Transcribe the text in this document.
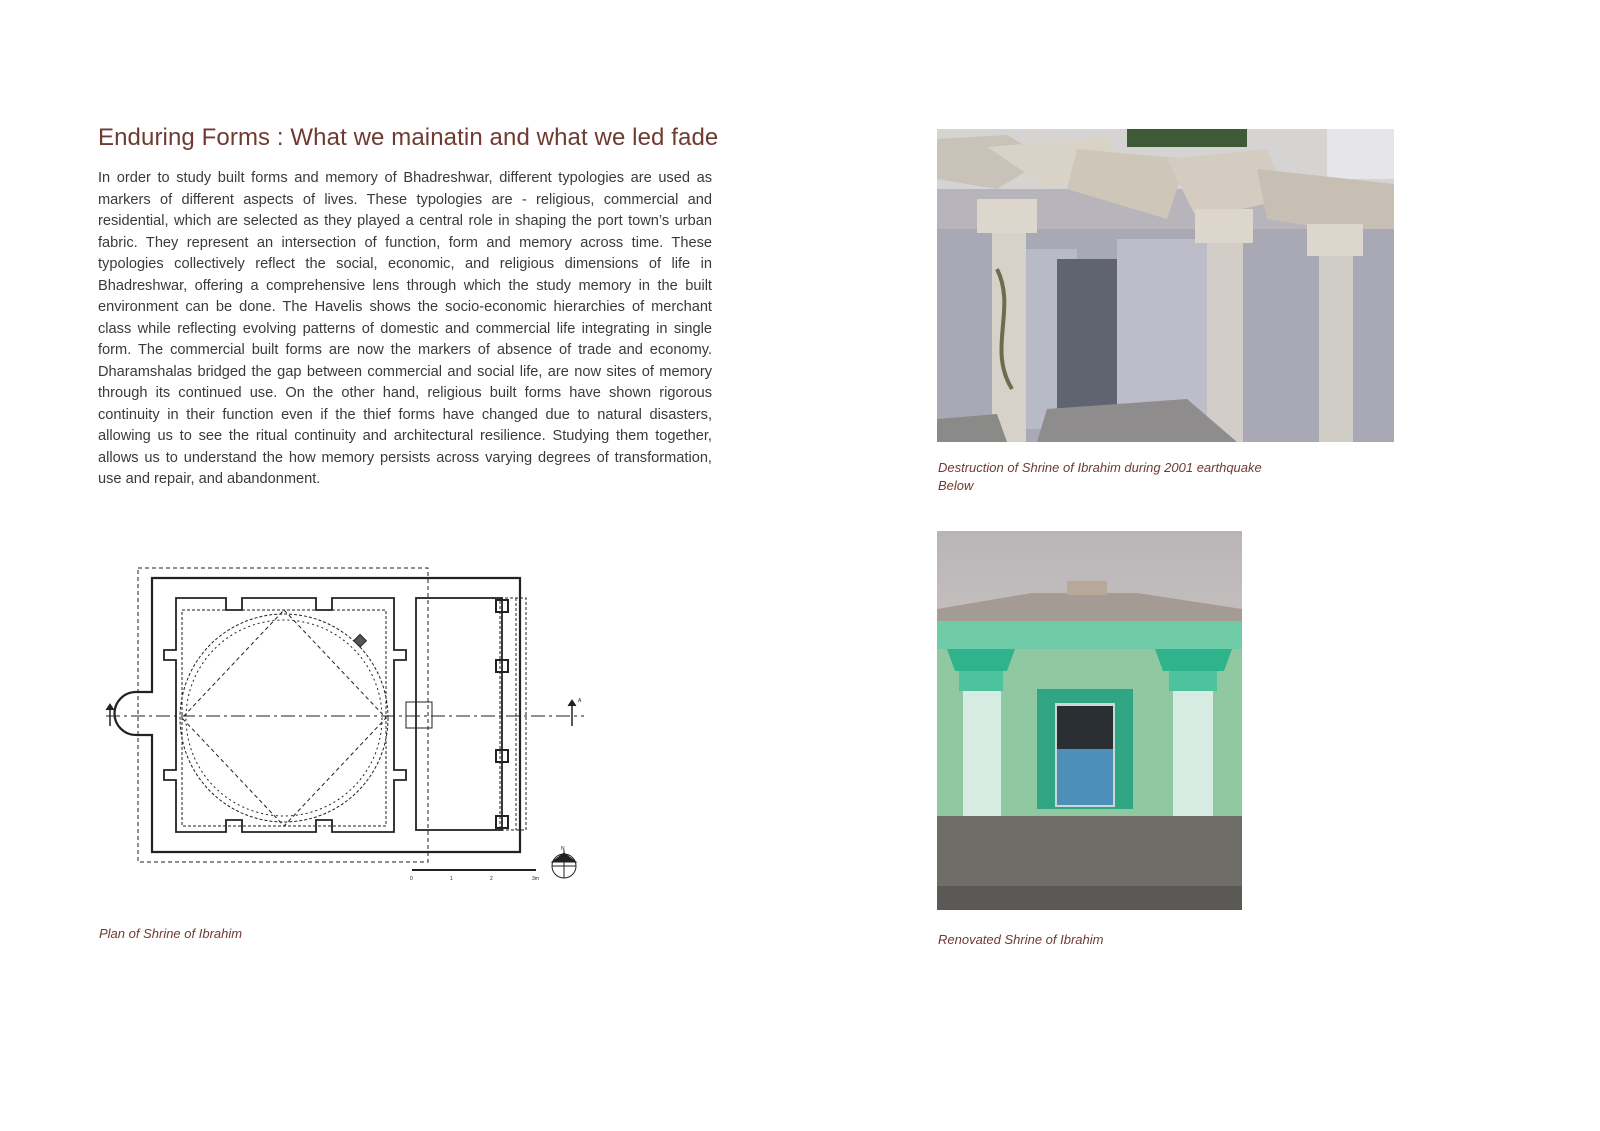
Enduring Forms : What we mainatin and what we led fade

In order to study built forms and memory of Bhadreshwar, different typologies are used as markers of different aspects of lives. These typologies are - religious, commercial and residential, which are selected as they played a central role in shaping the port town’s urban fabric. They represent an intersection of function, form and memory across time. These typologies collectively reflect the social, economic, and religious dimensions of life in Bhadreshwar, offering a comprehensive lens through which the study memory in the built environment can be done. The Havelis shows the socio-economic hierarchies of merchant class while reflecting evolving patterns of domestic and commercial life integrating in single form. The commercial built forms are now the markers of absence of trade and economy. Dharamshalas bridged the gap between commercial and social life, are now sites of memory through its continued use. On the other hand, religious built forms have shown rigorous continuity in their function even if the thief forms have changed due to natural disasters, allowing us to see the ritual continuity and architectural resilience. Studying them together, allows us to understand the how memory persists across varying degrees of transformation, use and repair, and abandonment.

0	1	2	3m
N
A

Plan of Shrine of Ibrahim

Destruction of Shrine of Ibrahim during 2001 earthquake
Below

Renovated Shrine of Ibrahim
